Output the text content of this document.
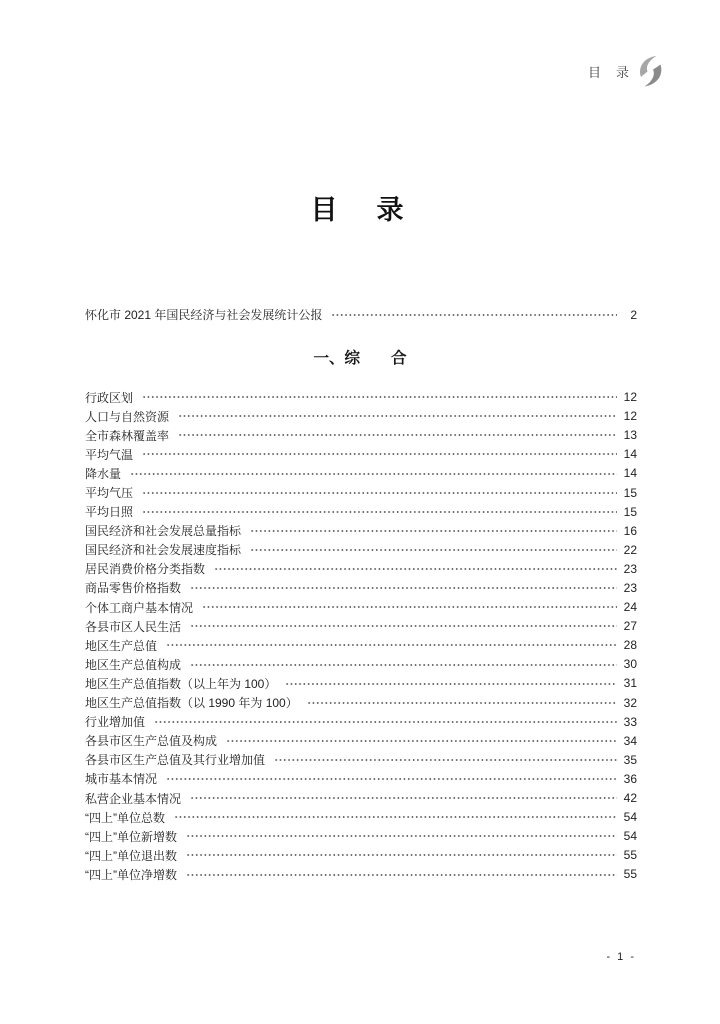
目　录
目　录
怀化市 2021 年国民经济与社会发展统计公报	2
一、综　　合
行政区划	12
人口与自然资源	12
全市森林覆盖率	13
平均气温	14
降水量	14
平均气压	15
平均日照	15
国民经济和社会发展总量指标	16
国民经济和社会发展速度指标	22
居民消费价格分类指数	23
商品零售价格指数	23
个体工商户基本情况	24
各县市区人民生活	27
地区生产总值	28
地区生产总值构成	30
地区生产总值指数（以上年为 100）	31
地区生产总值指数（以 1990 年为 100）	32
行业增加值	33
各县市区生产总值及构成	34
各县市区生产总值及其行业增加值	35
城市基本情况	36
私营企业基本情况	42
“四上”单位总数	54
“四上”单位新增数	54
“四上”单位退出数	55
“四上”单位净增数	55
- 1 -
